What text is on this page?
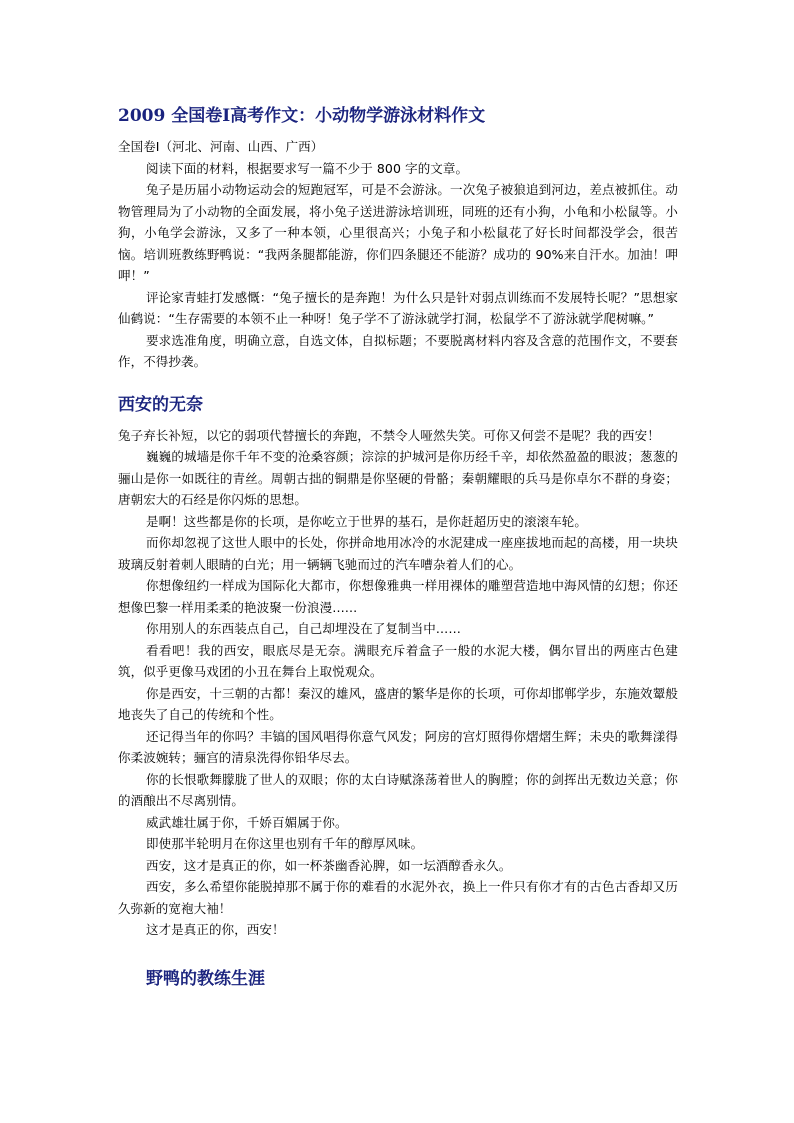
2009 全国卷Ⅰ高考作文：小动物学游泳材料作文

全国卷Ⅰ（河北、河南、山西、广西）

阅读下面的材料，根据要求写一篇不少于 800 字的文章。

兔子是历届小动物运动会的短跑冠军，可是不会游泳。一次兔子被狼追到河边，差点被抓住。动物管理局为了小动物的全面发展，将小兔子送进游泳培训班，同班的还有小狗，小龟和小松鼠等。小狗，小龟学会游泳，又多了一种本领，心里很高兴；小兔子和小松鼠花了好长时间都没学会，很苦恼。培训班教练野鸭说：“我两条腿都能游，你们四条腿还不能游？成功的 90%来自汗水。加油！呷呷！”

评论家青蛙打发感慨：“兔子擅长的是奔跑！为什么只是针对弱点训练而不发展特长呢？”思想家仙鹤说：“生存需要的本领不止一种呀！兔子学不了游泳就学打洞，松鼠学不了游泳就学爬树嘛。”

要求选准角度，明确立意，自选文体，自拟标题；不要脱离材料内容及含意的范围作文，不要套作，不得抄袭。

西安的无奈

兔子弃长补短，以它的弱项代替擅长的奔跑，不禁令人哑然失笑。可你又何尝不是呢？我的西安！

巍巍的城墙是你千年不变的沧桑容颜；淙淙的护城河是你历经千辛，却依然盈盈的眼波；葱葱的骊山是你一如既往的青丝。周朝古拙的铜鼎是你坚硬的骨骼；秦朝耀眼的兵马是你卓尔不群的身姿；唐朝宏大的石经是你闪烁的思想。

是啊！这些都是你的长项，是你屹立于世界的基石，是你赶超历史的滚滚车轮。

而你却忽视了这世人眼中的长处，你拼命地用冰冷的水泥建成一座座拔地而起的高楼，用一块块玻璃反射着刺人眼睛的白光；用一辆辆飞驰而过的汽车嘈杂着人们的心。

你想像纽约一样成为国际化大都市，你想像雅典一样用裸体的雕塑营造地中海风情的幻想；你还想像巴黎一样用柔柔的艳波聚一份浪漫……

你用别人的东西装点自己，自己却埋没在了复制当中……

看看吧！我的西安，眼底尽是无奈。满眼充斥着盒子一般的水泥大楼，偶尔冒出的两座古色建筑，似乎更像马戏团的小丑在舞台上取悦观众。

你是西安，十三朝的古都！秦汉的雄风，盛唐的繁华是你的长项，可你却邯郸学步，东施效颦般地丧失了自己的传统和个性。

还记得当年的你吗？丰镐的国风唱得你意气风发；阿房的宫灯照得你熠熠生辉；未央的歌舞漾得你柔波婉转；骊宫的清泉洗得你铅华尽去。

你的长恨歌舞朦胧了世人的双眼；你的太白诗赋涤荡着世人的胸膛；你的剑挥出无数边关意；你的酒酿出不尽离别情。

威武雄壮属于你，千娇百媚属于你。

即使那半轮明月在你这里也别有千年的醇厚风味。

西安，这才是真正的你，如一杯茶幽香沁脾，如一坛酒醇香永久。

西安，多么希望你能脱掉那不属于你的难看的水泥外衣，换上一件只有你才有的古色古香却又历久弥新的宽袍大袖！

这才是真正的你，西安！

野鸭的教练生涯
